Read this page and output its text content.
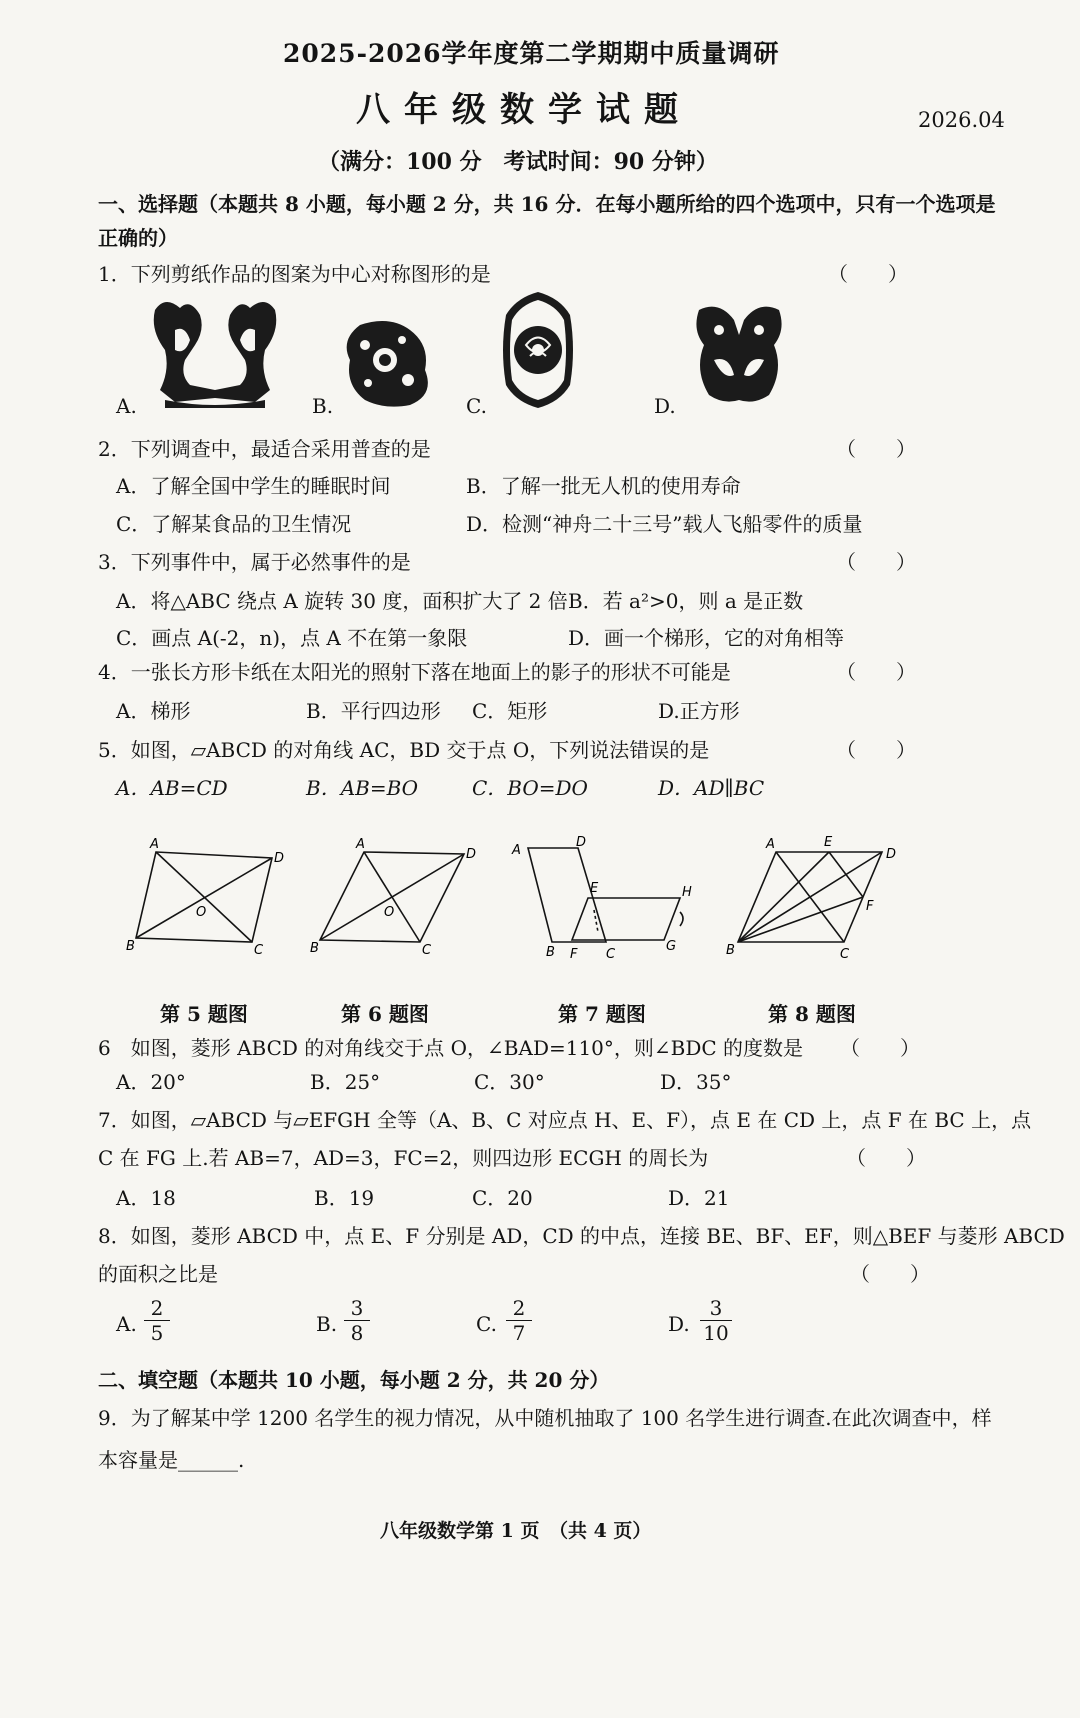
2025-2026学年度第二学期期中质量调研
八年级数学试题	2026.04
（满分：100 分　考试时间：90 分钟）
一、选择题（本题共 8 小题，每小题 2 分，共 16 分．在每小题所给的四个选项中，只有一个选项是
正确的）
1．下列剪纸作品的图案为中心对称图形的是	（　　）
A.	B.	C.	D.
2．下列调查中，最适合采用普查的是	（　　）
A．了解全国中学生的睡眠时间	B．了解一批无人机的使用寿命
C．了解某食品的卫生情况	D．检测“神舟二十三号”载人飞船零件的质量
3．下列事件中，属于必然事件的是	（　　）
A．将△ABC 绕点 A 旋转 30 度，面积扩大了 2 倍 B．若 a²>0，则 a 是正数
C．画点 A(-2，n)，点 A 不在第一象限	D．画一个梯形，它的对角相等
4．一张长方形卡纸在太阳光的照射下落在地面上的影子的形状不可能是	（　　）
A．梯形	B．平行四边形 C．矩形	D.正方形
5．如图，▱ABCD 的对角线 AC，BD 交于点 O，下列说法错误的是	（　　）
A．AB=CD	B．AB=BO	C．BO=DO	D．AD∥BC
A
D
B	C
O
A
D
B	C
O
A
D
E	H
B F C
G
A	E
D
F
B	C
第 5 题图	第 6 题图	第 7 题图	第 8 题图
6　如图，菱形 ABCD 的对角线交于点 O，∠BAD=110°，则∠BDC 的度数是 （　　）
A．20°	B．25°	C．30°	D．35°
7．如图，▱ABCD 与▱EFGH 全等（A、B、C 对应点 H、E、F），点 E 在 CD 上，点 F 在 BC 上，点
C 在 FG 上.若 AB=7，AD=3，FC=2，则四边形 ECGH 的周长为	（　　）
A．18	B．19	C．20	D．21
8．如图，菱形 ABCD 中，点 E、F 分别是 AD，CD 的中点，连接 BE、BF、EF，则△BEF 与菱形 ABCD
的面积之比是	（　　）
A.
2
5	B.
3
8	C.
2
7	D.
3
10
二、填空题（本题共 10 小题，每小题 2 分，共 20 分）
9．为了解某中学 1200 名学生的视力情况，从中随机抽取了 100 名学生进行调查.在此次调查中，样
本容量是______.
八年级数学第 1 页　（共 4 页）
